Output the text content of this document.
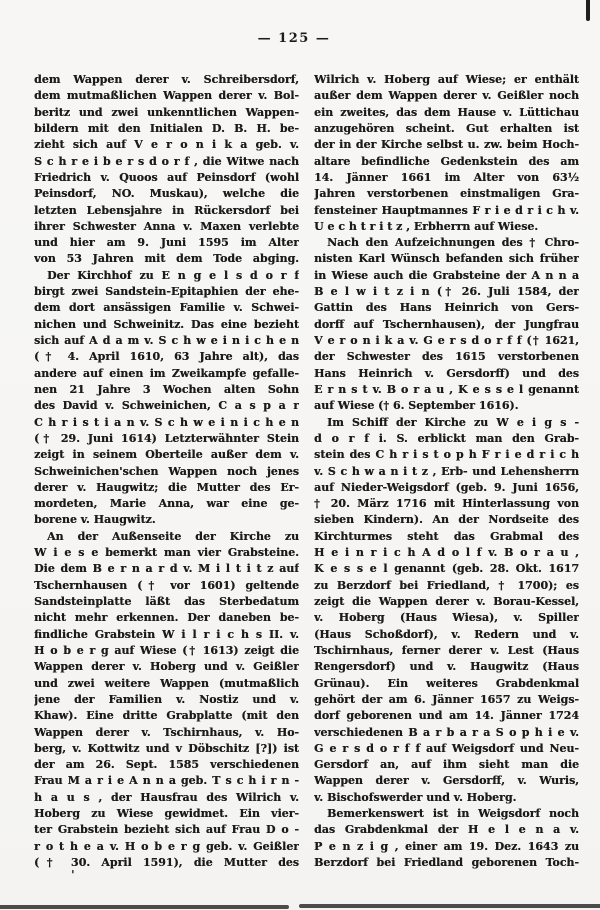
— 125 —
dem Wappen derer v. Schreibersdorf,
dem mutmaßlichen Wappen derer v. Bol-
beritz und zwei unkenntlichen Wappen-
bildern mit den Initialen D. B. H. be-
zieht sich auf V e r o n i k a geb. v.
S c h r e i b e r s d o r f , die Witwe nach
Friedrich v. Quoos auf Peinsdorf (wohl
Peinsdorf, NO. Muskau), welche die
letzten Lebensjahre in Rückersdorf bei
ihrer Schwester Anna v. Maxen verlebte
und hier am 9. Juni 1595 im Alter
von 53 Jahren mit dem Tode abging.
Der Kirchhof zu E n g e l s d o r f
birgt zwei Sandstein-Epitaphien der ehe-
dem dort ansässigen Familie v. Schwei-
nichen und Schweinitz. Das eine bezieht
sich auf A d a m v. S c h w e i n i c h e n
(† 4. April 1610, 63 Jahre alt), das
andere auf einen im Zweikampfe gefalle-
nen 21 Jahre 3 Wochen alten Sohn
des David v. Schweinichen, C a s p a r
C h r i s t i a n v. S c h w e i n i c h e n
(† 29. Juni 1614) Letzterwähnter Stein
zeigt in seinem Oberteile außer dem v.
Schweinichen'schen Wappen noch jenes
derer v. Haugwitz; die Mutter des Er-
mordeten, Marie Anna, war eine ge-
borene v. Haugwitz.
An der Außenseite der Kirche zu
W i e s e bemerkt man vier Grabsteine.
Die dem B e r n a r d v. M i l t i t z auf
Tschernhausen († vor 1601) geltende
Sandsteinplatte läßt das Sterbedatum
nicht mehr erkennen. Der daneben be-
findliche Grabstein W i l r i c h s II. v.
H o b e r g auf Wiese († 1613) zeigt die
Wappen derer v. Hoberg und v. Geißler
und zwei weitere Wappen (mutmaßlich
jene der Familien v. Nostiz und v.
Khaw). Eine dritte Grabplatte (mit den
Wappen derer v. Tschirnhaus, v. Ho-
berg, v. Kottwitz und v Döbschitz [?]) ist
der am 26. Sept. 1585 verschiedenen
Frau M a r i e A n n a geb. T s c h i r n -
h a u s , der Hausfrau des Wilrich v.
Hoberg zu Wiese gewidmet. Ein vier-
ter Grabstein bezieht sich auf Frau D o -
r o t h e a v. H o b e r g geb. v. Geißler
(† 30. April 1591), die Mutter des
Wilrich v. Hoberg auf Wiese; er enthält
außer dem Wappen derer v. Geißler noch
ein zweites, das dem Hause v. Lüttichau
anzugehören scheint. Gut erhalten ist
der in der Kirche selbst u. zw. beim Hoch-
altare befindliche Gedenkstein des am
14. Jänner 1661 im Alter von 63½
Jahren verstorbenen einstmaligen Gra-
fensteiner Hauptmannes F r i e d r i c h v.
U e c h t r i t z , Erbherrn auf Wiese.
Nach den Aufzeichnungen des † Chro-
nisten Karl Wünsch befanden sich früher
in Wiese auch die Grabsteine der A n n a
B e l w i t z i n († 26. Juli 1584, der
Gattin des Hans Heinrich von Gers-
dorff auf Tschernhausen), der Jungfrau
V e r o n i k a v. G e r s d o r f f († 1621,
der Schwester des 1615 verstorbenen
Hans Heinrich v. Gersdorff) und des
E r n s t v. B o r a u , K e s s e l genannt
auf Wiese († 6. September 1616).
Im Schiff der Kirche zu W e i g s -
d o r f i. S. erblickt man den Grab-
stein des C h r i s t o p h F r i e d r i c h
v. S c h w a n i t z , Erb- und Lehensherrn
auf Nieder-Weigsdorf (geb. 9. Juni 1656,
† 20. März 1716 mit Hinterlassung von
sieben Kindern). An der Nordseite des
Kirchturmes steht das Grabmal des
H e i n r i c h A d o l f v. B o r a u ,
K e s s e l genannt (geb. 28. Okt. 1617
zu Berzdorf bei Friedland, † 1700); es
zeigt die Wappen derer v. Borau-Kessel,
v. Hoberg (Haus Wiesa), v. Spiller
(Haus Schoßdorf), v. Redern und v.
Tschirnhaus, ferner derer v. Lest (Haus
Rengersdorf) und v. Haugwitz (Haus
Grünau). Ein weiteres Grabdenkmal
gehört der am 6. Jänner 1657 zu Weigs-
dorf geborenen und am 14. Jänner 1724
verschiedenen B a r b a r a S o p h i e v.
G e r s d o r f f auf Weigsdorf und Neu-
Gersdorf an, auf ihm sieht man die
Wappen derer v. Gersdorff, v. Wuris,
v. Bischofswerder und v. Hoberg.
Bemerkenswert ist in Weigsdorf noch
das Grabdenkmal der H e l e n a v.
P e n z i g , einer am 19. Dez. 1643 zu
Berzdorf bei Friedland geborenen Toch-
'
